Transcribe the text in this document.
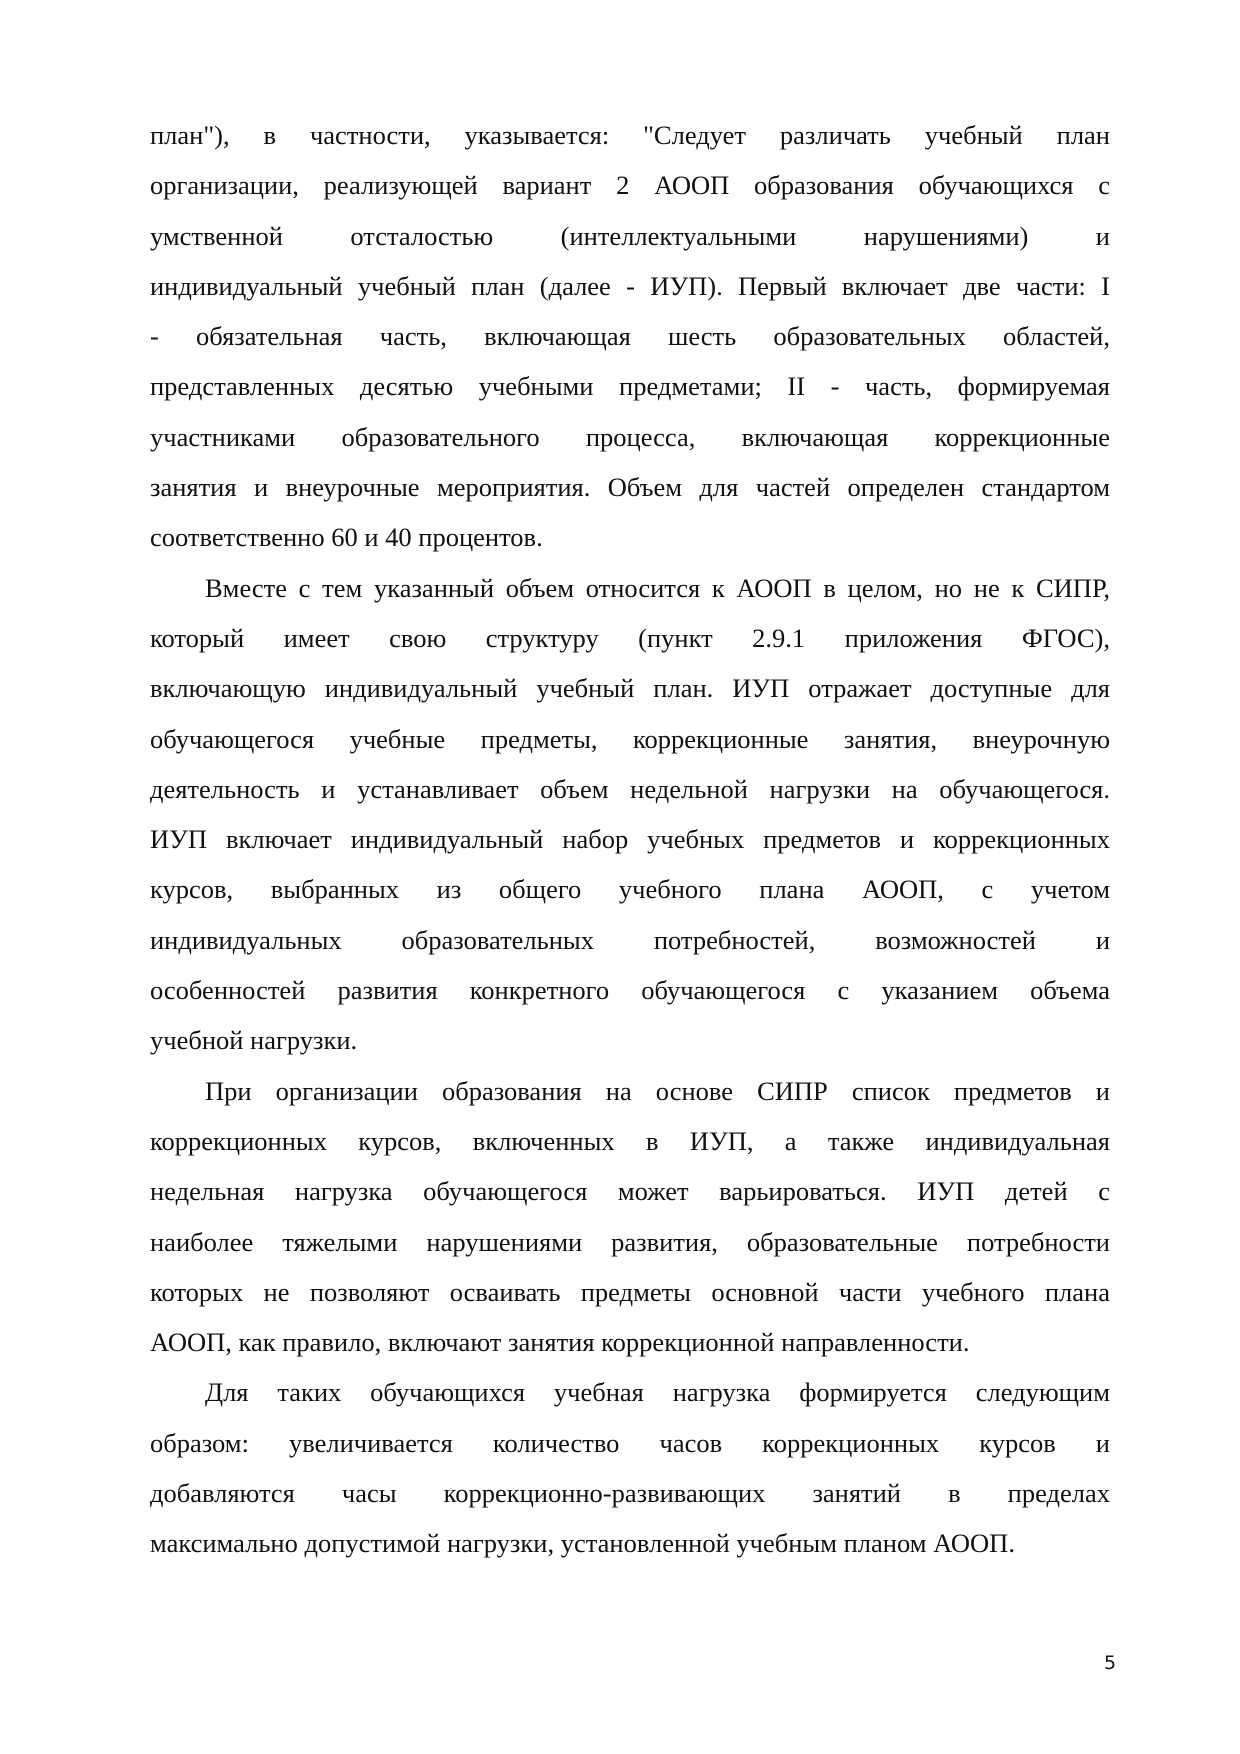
план"), в частности, указывается: "Следует различать учебный план
организации, реализующей вариант 2 АООП образования обучающихся с
умственной отсталостью (интеллектуальными нарушениями) и
индивидуальный учебный план (далее - ИУП). Первый включает две части: I
- обязательная часть, включающая шесть образовательных областей,
представленных десятью учебными предметами; II - часть, формируемая
участниками образовательного процесса, включающая коррекционные
занятия и внеурочные мероприятия. Объем для частей определен стандартом
соответственно 60 и 40 процентов.
Вместе с тем указанный объем относится к АООП в целом, но не к СИПР,
который имеет свою структуру (пункт 2.9.1 приложения ФГОС),
включающую индивидуальный учебный план. ИУП отражает доступные для
обучающегося учебные предметы, коррекционные занятия, внеурочную
деятельность и устанавливает объем недельной нагрузки на обучающегося.
ИУП включает индивидуальный набор учебных предметов и коррекционных
курсов, выбранных из общего учебного плана АООП, с учетом
индивидуальных образовательных потребностей, возможностей и
особенностей развития конкретного обучающегося с указанием объема
учебной нагрузки.
При организации образования на основе СИПР список предметов и
коррекционных курсов, включенных в ИУП, а также индивидуальная
недельная нагрузка обучающегося может варьироваться. ИУП детей с
наиболее тяжелыми нарушениями развития, образовательные потребности
которых не позволяют осваивать предметы основной части учебного плана
АООП, как правило, включают занятия коррекционной направленности.
Для таких обучающихся учебная нагрузка формируется следующим
образом: увеличивается количество часов коррекционных курсов и
добавляются часы коррекционно-развивающих занятий в пределах
максимально допустимой нагрузки, установленной учебным планом АООП.
5
